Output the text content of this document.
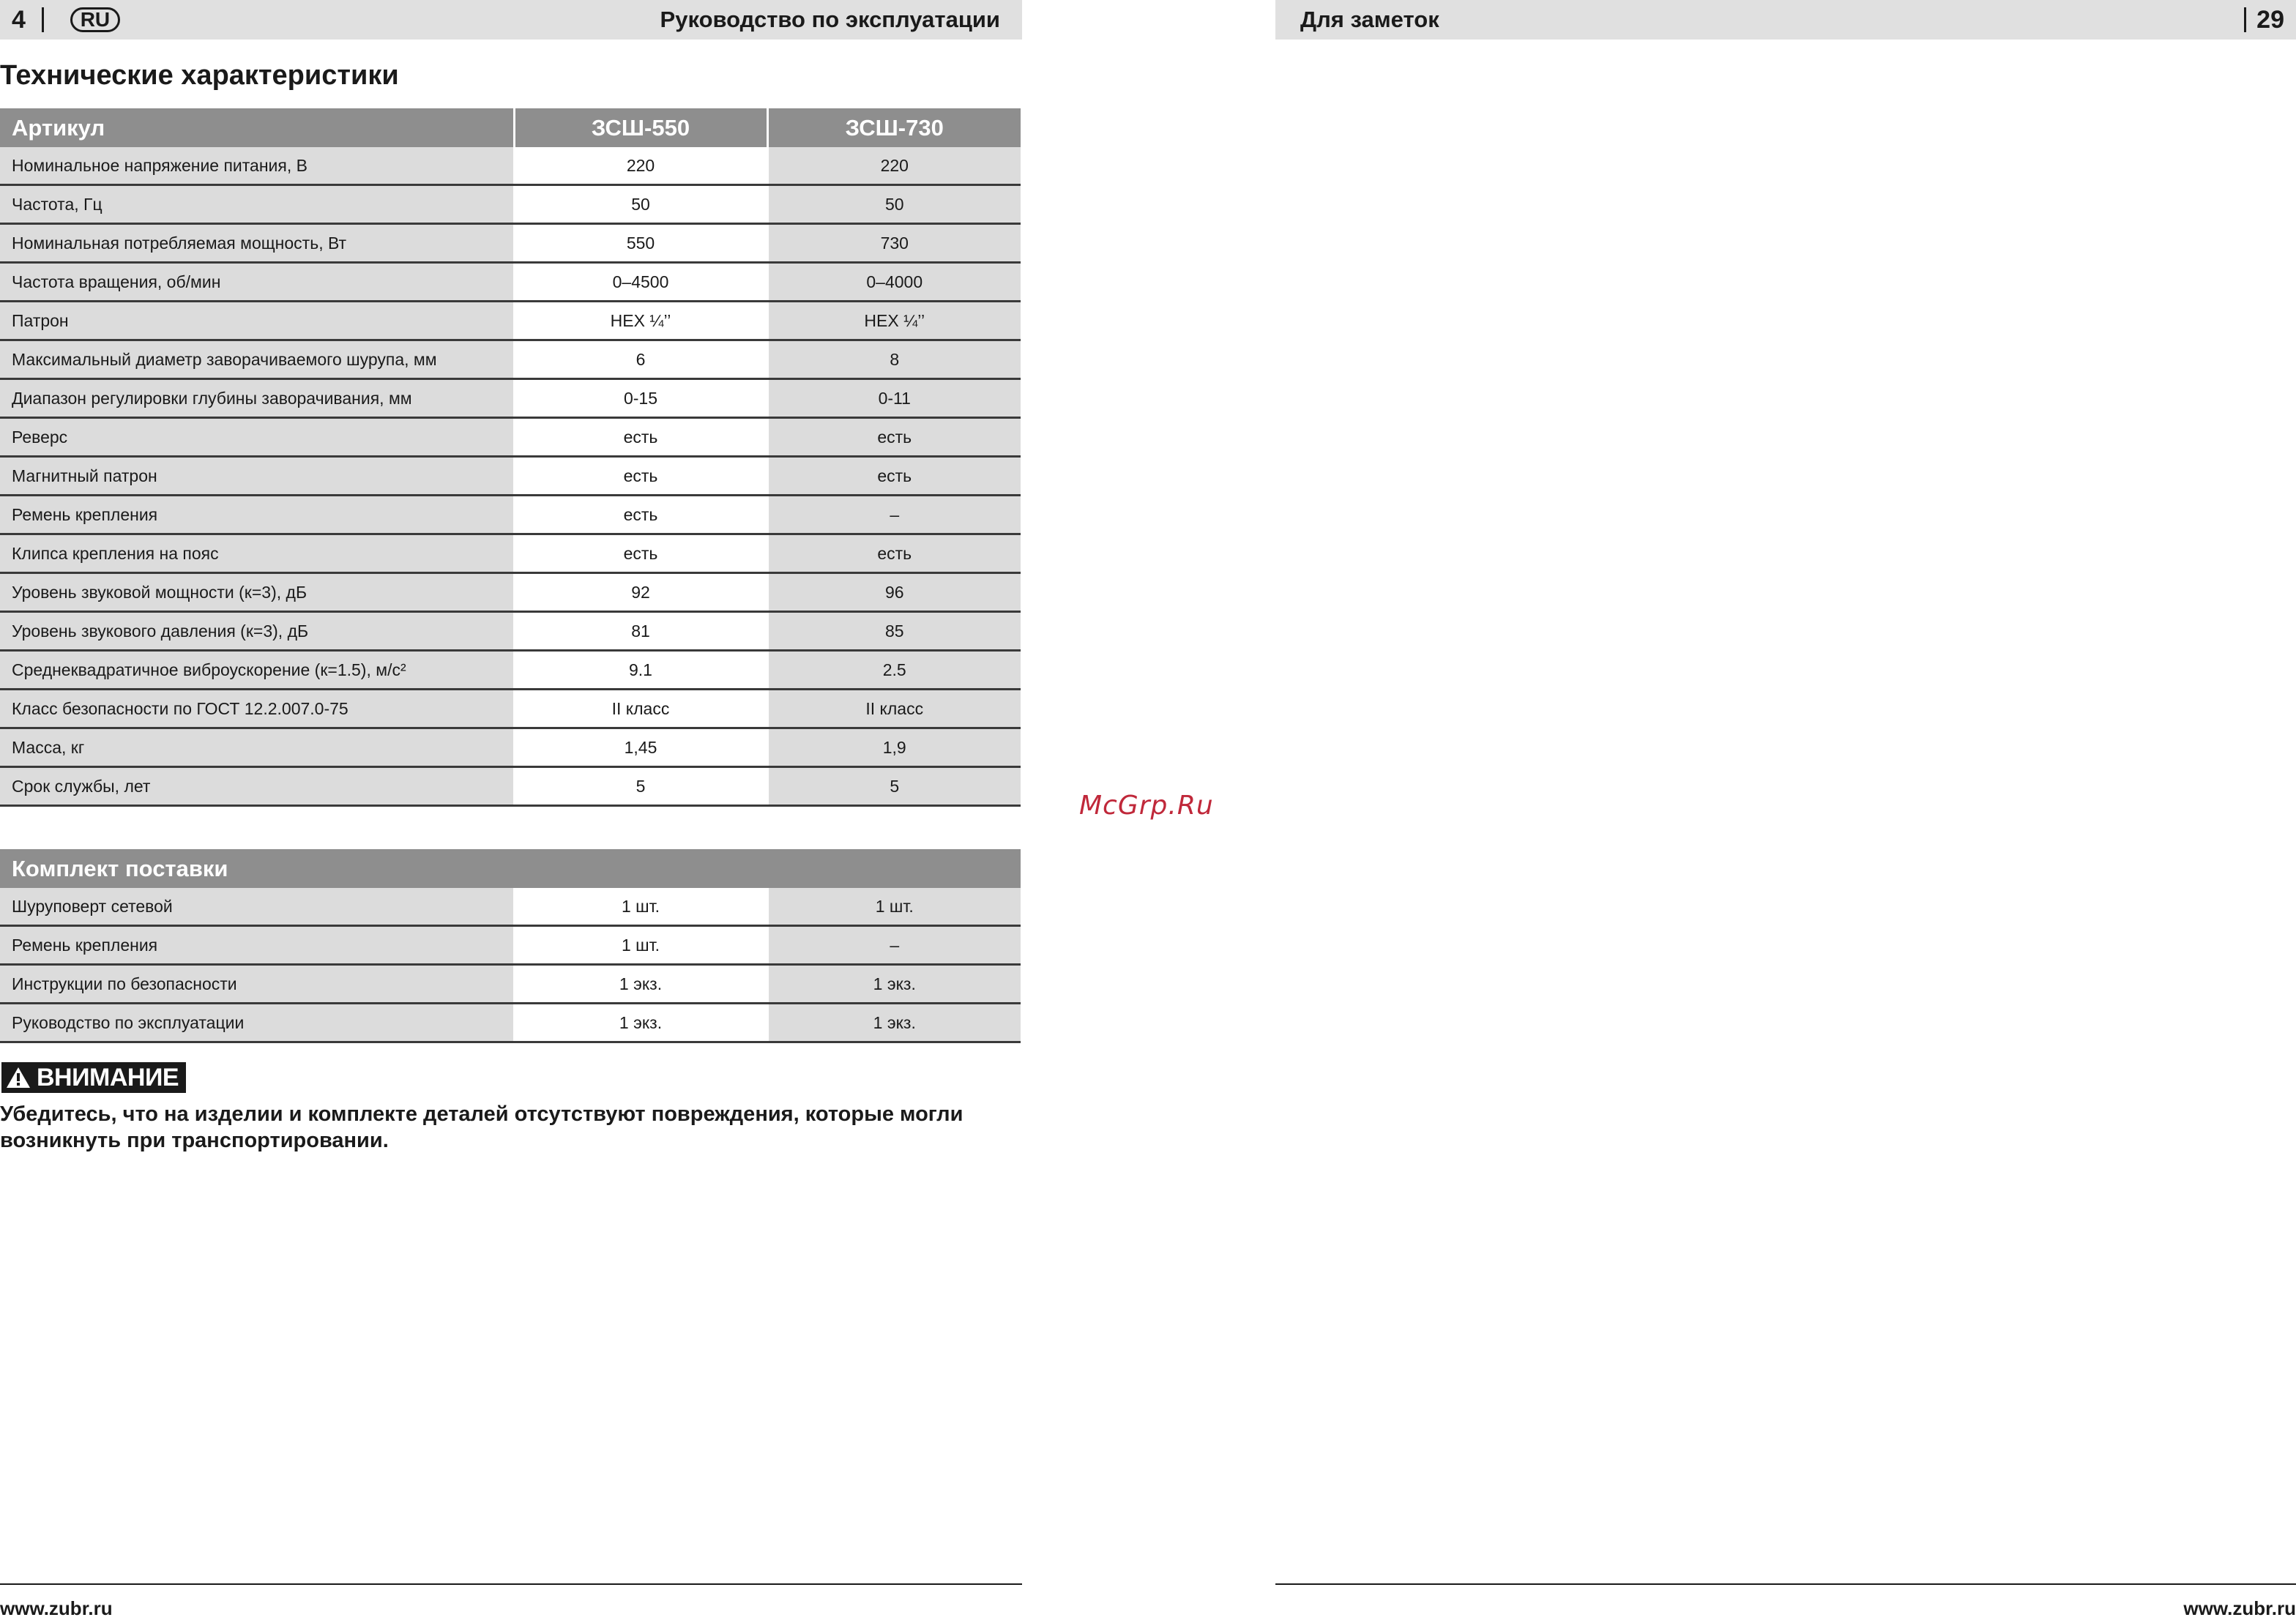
4	RU	Руководство по эксплуатации	Для заметок	29
Технические характеристики
Артикул	ЗСШ-550	ЗСШ-730
Номинальное напряжение питания, В	220	220
Частота, Гц	50	50
Номинальная потребляемая мощность, Вт	550	730
Частота вращения, об/мин	0–4500	0–4000
Патрон	HEX ¼’’	HEX ¼’’
Максимальный диаметр заворачиваемого шурупа, мм	6	8
Диапазон регулировки глубины заворачивания, мм	0-15	0-11
Реверс	есть	есть
Магнитный патрон	есть	есть
Ремень крепления	есть	–
Клипса крепления на пояс	есть	есть
Уровень звуковой мощности (к=3), дБ	92	96
Уровень звукового давления (к=3), дБ	81	85
Среднеквадратичное виброускорение (к=1.5), м/с²	9.1	2.5
Класс безопасности по ГОСТ 12.2.007.0-75	II класс	II класс
Масса, кг	1,45	1,9
Срок службы, лет	5	5
Комплект поставки		
Шуруповерт сетевой	1 шт.	1 шт.
Ремень крепления	1 шт.	–
Инструкции по безопасности	1 экз.	1 экз.
Руководство по эксплуатации	1 экз.	1 экз.
ВНИМАНИЕ
Убедитесь, что на изделии и комплекте деталей отсутствуют повреждения, которые могли возникнуть при транспортировании.
McGrp.Ru
www.zubr.ru	www.zubr.ru
